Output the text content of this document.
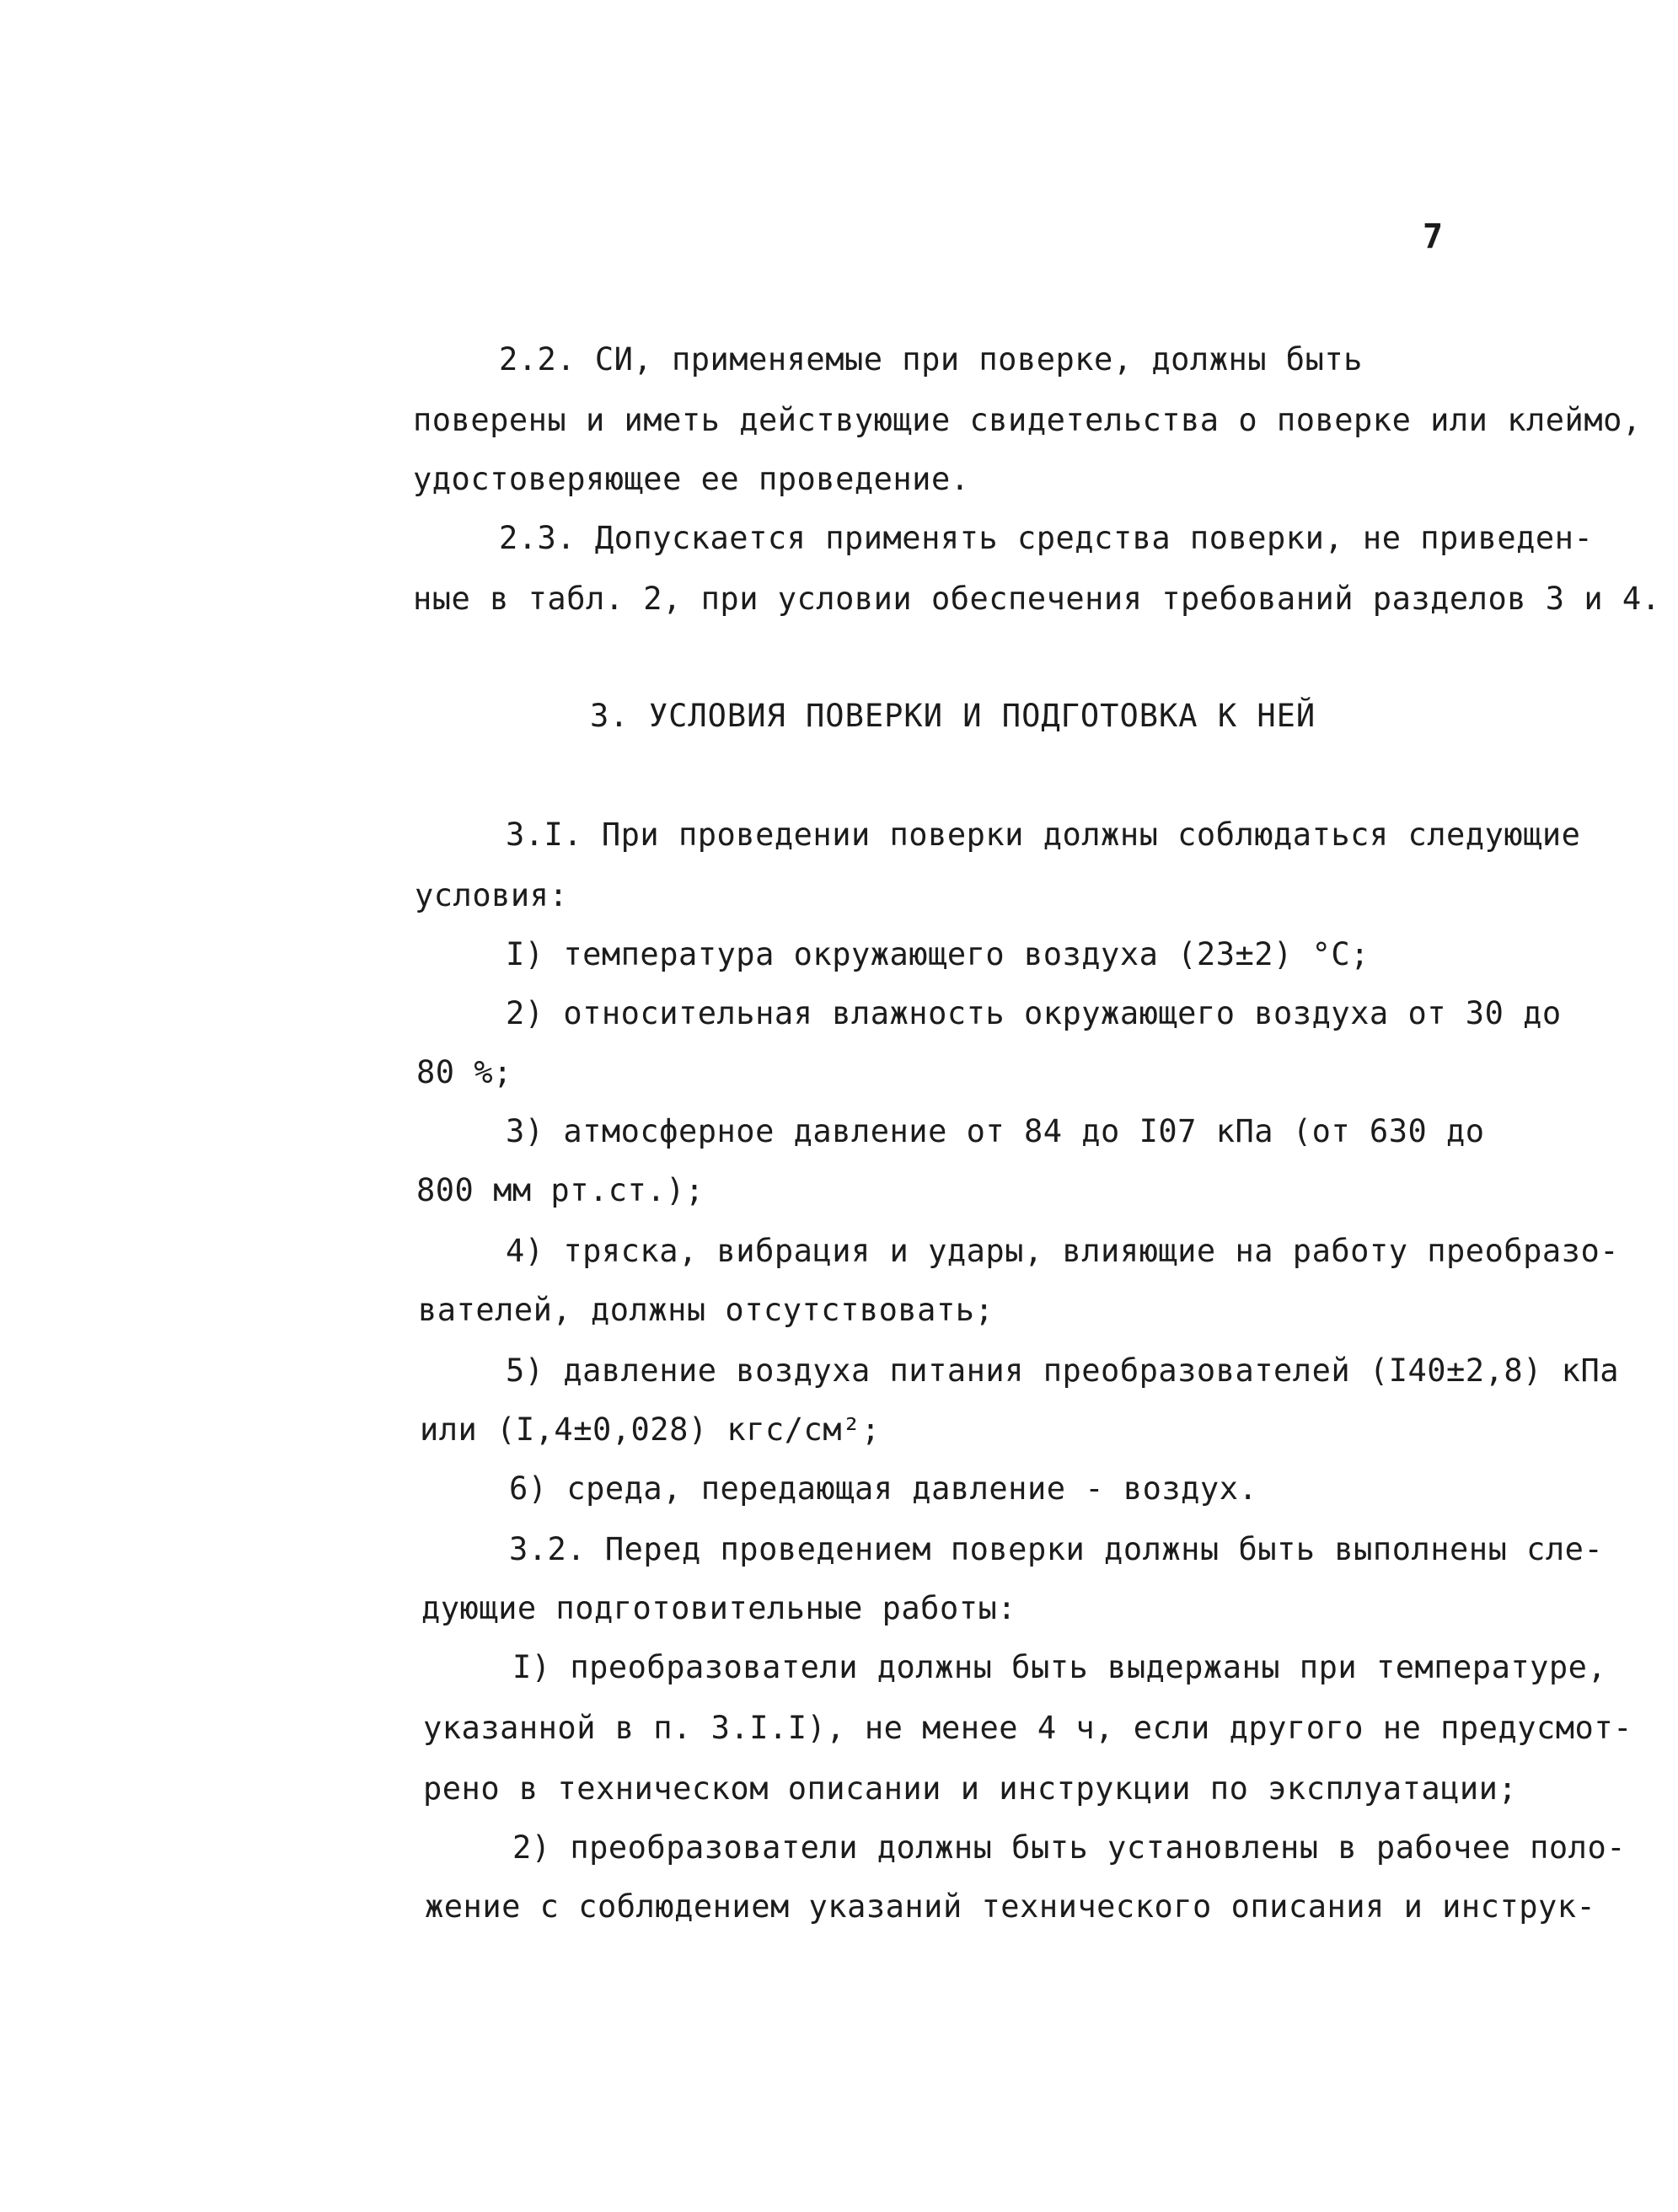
7
2.2. СИ, применяемые при поверке, должны быть
поверены и иметь действующие свидетельства о поверке или клеймо,
удостоверяющее ее проведение.
2.3. Допускается применять средства поверки, не приведен-
ные в табл. 2, при условии обеспечения требований разделов 3 и 4.
3. УСЛОВИЯ ПОВЕРКИ И ПОДГОТОВКА К НЕЙ
3.I. При проведении поверки должны соблюдаться следующие
условия:
I) температура окружающего воздуха (23±2) °С;
2) относительная влажность окружающего воздуха от 30 до
80 %;
3) атмосферное давление от 84 до I07 кПа (от 630 до
800 мм рт.ст.);
4) тряска, вибрация и удары, влияющие на работу преобразо-
вателей, должны отсутствовать;
5) давление воздуха питания преобразователей (I40±2,8) кПа
или (I,4±0,028) кгс/см²;
6) среда, передающая давление - воздух.
3.2. Перед проведением поверки должны быть выполнены сле-
дующие подготовительные работы:
I) преобразователи должны быть выдержаны при температуре,
указанной в п. 3.I.I), не менее 4 ч, если другого не предусмот-
рено в техническом описании и инструкции по эксплуатации;
2) преобразователи должны быть установлены в рабочее поло-
жение с соблюдением указаний технического описания и инструк-
